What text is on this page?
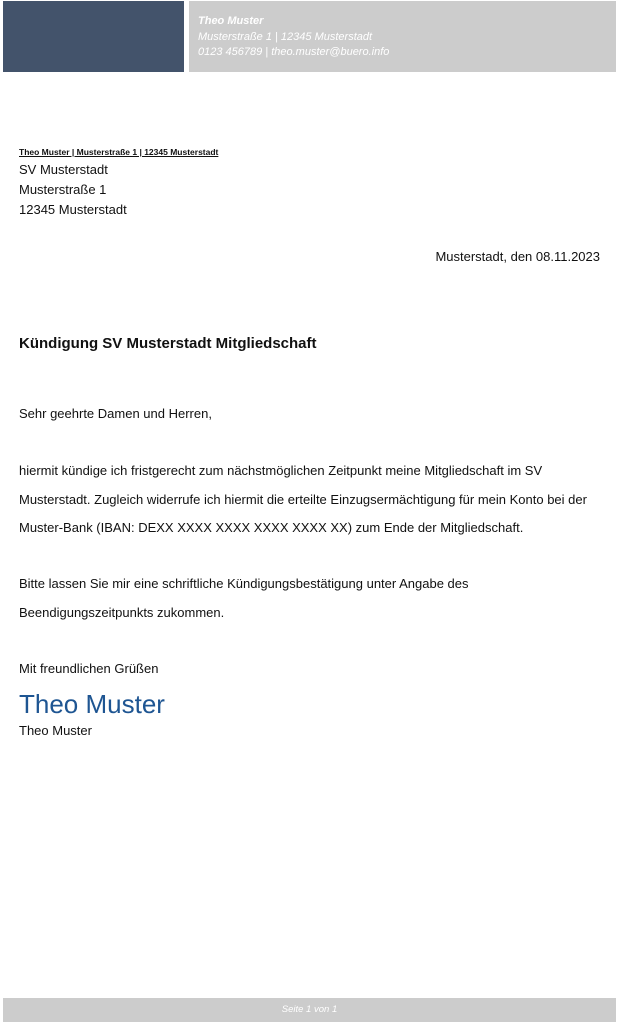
Theo Muster
Musterstraße 1 | 12345 Musterstadt
0123 456789 | theo.muster@buero.info
Theo Muster | Musterstraße 1 | 12345 Musterstadt
SV Musterstadt
Musterstraße 1
12345 Musterstadt
Musterstadt, den 08.11.2023
Kündigung SV Musterstadt Mitgliedschaft
Sehr geehrte Damen und Herren,
hiermit kündige ich fristgerecht zum nächstmöglichen Zeitpunkt meine Mitgliedschaft im SV Musterstadt. Zugleich widerrufe ich hiermit die erteilte Einzugsermächtigung für mein Konto bei der Muster-Bank (IBAN: DEXX XXXX XXXX XXXX XXXX XX) zum Ende der Mitgliedschaft.
Bitte lassen Sie mir eine schriftliche Kündigungsbestätigung unter Angabe des Beendigungszeitpunkts zukommen.
Mit freundlichen Grüßen
Theo Muster
Theo Muster
Seite 1 von 1
